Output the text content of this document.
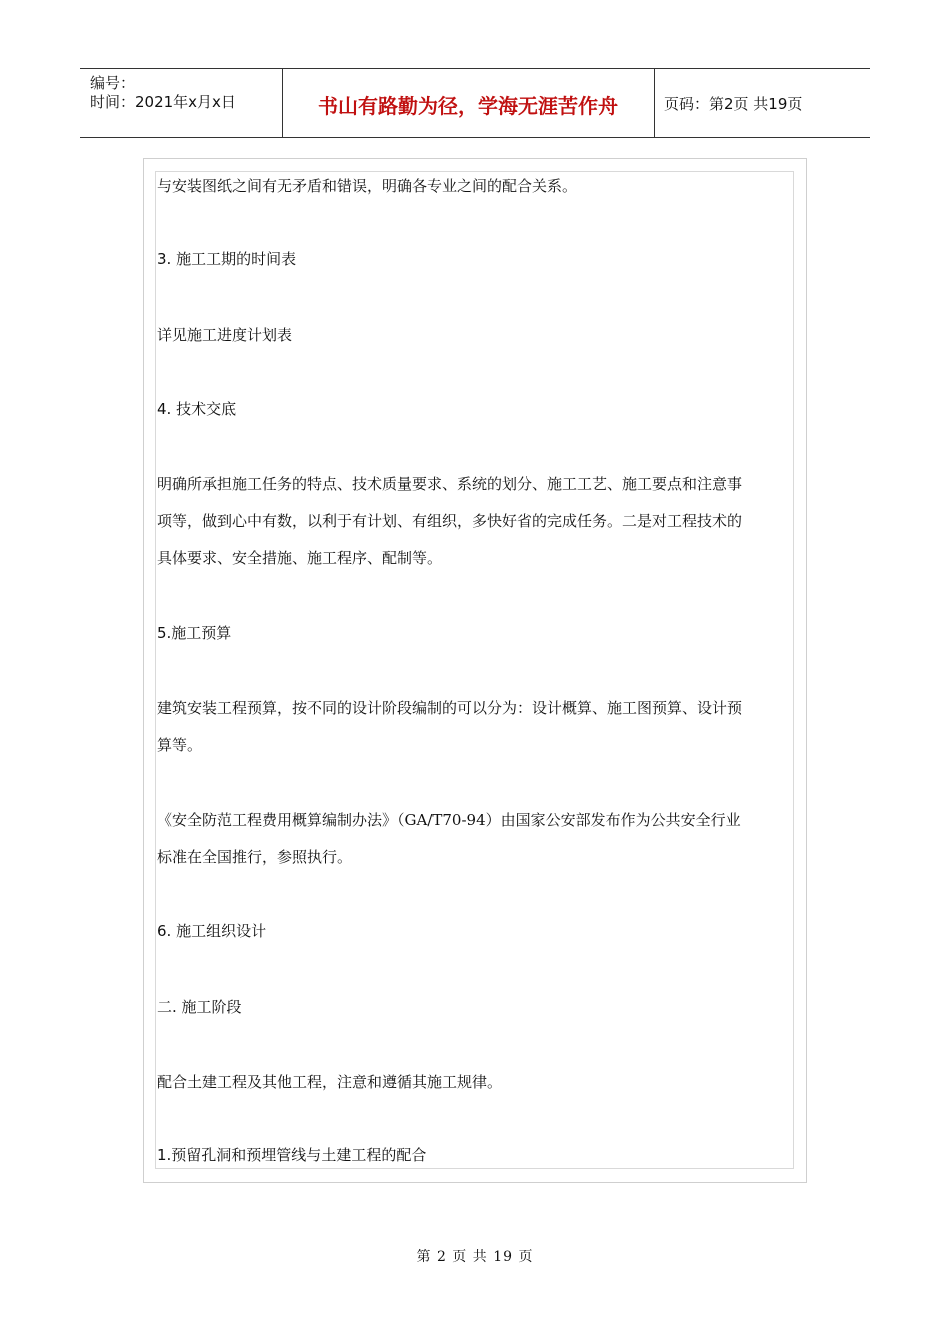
编号：
时间：2021年x月x日	书山有路勤为径，学海无涯苦作舟	页码：第2页 共19页
与安装图纸之间有无矛盾和错误，明确各专业之间的配合关系。
3. 施工工期的时间表
详见施工进度计划表
4. 技术交底
明确所承担施工任务的特点、技术质量要求、系统的划分、施工工艺、施工要点和注意事
项等，做到心中有数，以利于有计划、有组织，多快好省的完成任务。二是对工程技术的
具体要求、安全措施、施工程序、配制等。
5.施工预算
建筑安装工程预算，按不同的设计阶段编制的可以分为：设计概算、施工图预算、设计预
算等。
《安全防范工程费用概算编制办法》（GA/T70-94）由国家公安部发布作为公共安全行业
标准在全国推行，参照执行。
6. 施工组织设计
二. 施工阶段
配合土建工程及其他工程，注意和遵循其施工规律。
1.预留孔洞和预埋管线与土建工程的配合
第 2 页 共 19 页
